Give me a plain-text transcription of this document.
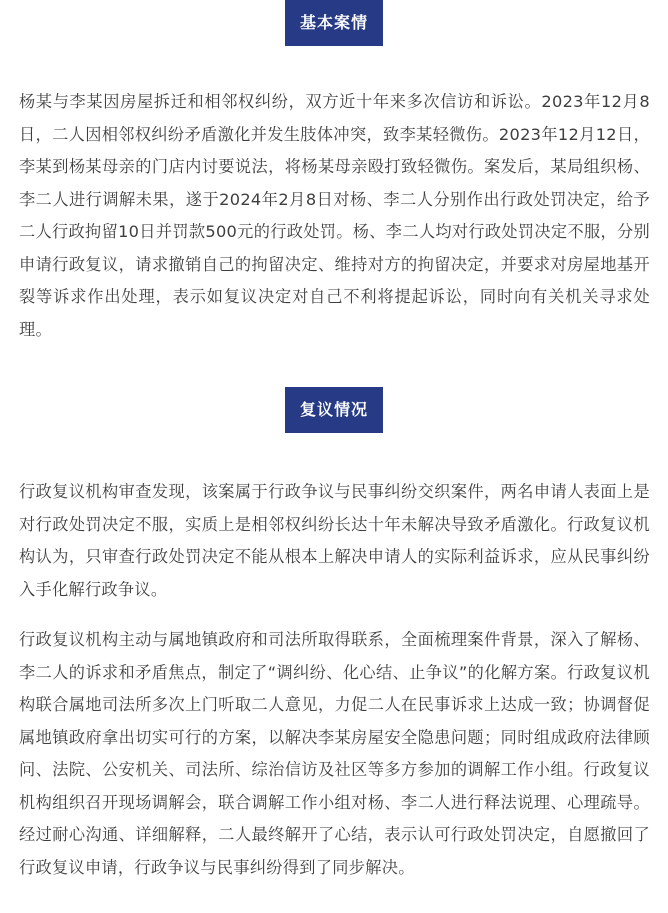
基本案情

杨某与李某因房屋拆迁和相邻权纠纷，双方近十年来多次信访和诉讼。2023年12月8日，二人因相邻权纠纷矛盾激化并发生肢体冲突，致李某轻微伤。2023年12月12日，李某到杨某母亲的门店内讨要说法，将杨某母亲殴打致轻微伤。案发后，某局组织杨、李二人进行调解未果，遂于2024年2月8日对杨、李二人分别作出行政处罚决定，给予二人行政拘留10日并罚款500元的行政处罚。杨、李二人均对行政处罚决定不服，分别申请行政复议，请求撤销自己的拘留决定、维持对方的拘留决定，并要求对房屋地基开裂等诉求作出处理，表示如复议决定对自己不利将提起诉讼，同时向有关机关寻求处理。

复议情况

行政复议机构审查发现，该案属于行政争议与民事纠纷交织案件，两名申请人表面上是对行政处罚决定不服，实质上是相邻权纠纷长达十年未解决导致矛盾激化。行政复议机构认为，只审查行政处罚决定不能从根本上解决申请人的实际利益诉求，应从民事纠纷入手化解行政争议。

行政复议机构主动与属地镇政府和司法所取得联系，全面梳理案件背景，深入了解杨、李二人的诉求和矛盾焦点，制定了“调纠纷、化心结、止争议”的化解方案。行政复议机构联合属地司法所多次上门听取二人意见，力促二人在民事诉求上达成一致；协调督促属地镇政府拿出切实可行的方案，以解决李某房屋安全隐患问题；同时组成政府法律顾问、法院、公安机关、司法所、综治信访及社区等多方参加的调解工作小组。行政复议机构组织召开现场调解会，联合调解工作小组对杨、李二人进行释法说理、心理疏导。经过耐心沟通、详细解释，二人最终解开了心结，表示认可行政处罚决定，自愿撤回了行政复议申请，行政争议与民事纠纷得到了同步解决。
